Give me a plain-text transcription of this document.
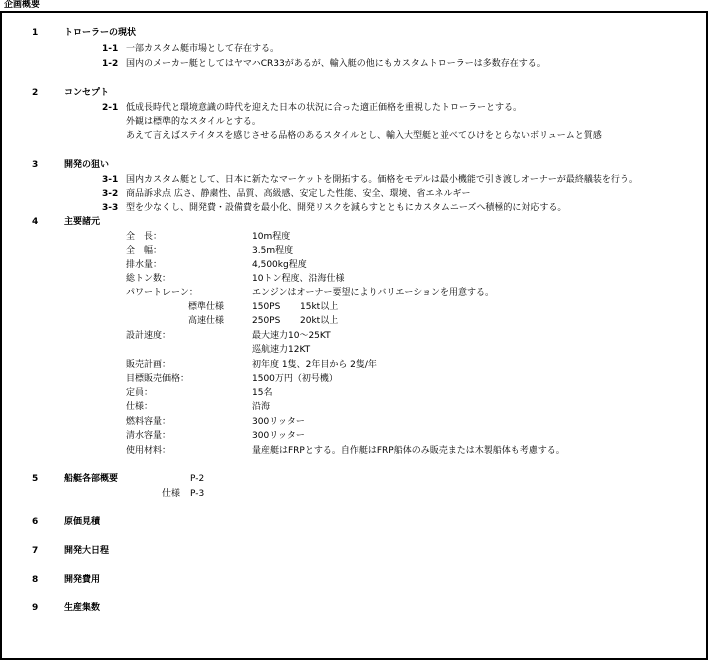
企画概要
1	トローラーの現状
1-1 一部カスタム艇市場として存在する。
1-2 国内のメーカー艇としてはヤマハCR33があるが、輸入艇の他にもカスタムトローラーは多数存在する。
2	コンセプト
2-1 低成長時代と環境意識の時代を迎えた日本の状況に合った適正価格を重視したトローラーとする。
外観は標準的なスタイルとする。
あえて言えばステイタスを感じさせる品格のあるスタイルとし、輸入大型艇と並べてひけをとらないボリュームと質感
3	開発の狙い
3-1 国内カスタム艇として、日本に新たなマーケットを開拓する。価格をモデルは最小機能で引き渡しオーナーが最終艤装を行う。
3-2 商品訴求点 広さ、静粛性、品質、高級感、安定した性能、安全、環境、省エネルギー
3-3 型を少なくし、開発費・設備費を最小化、開発リスクを減らすとともにカスタムニーズへ積極的に対応する。
4	主要諸元
全　長：	10m程度
全　幅：	3.5m程度
排水量：	4,500kg程度
総トン数：	10トン程度、沿海仕様
パワートレーン：	エンジンはオーナー要望によりバリエーションを用意する。
標準仕様	150PS 15kt以上
高速仕様	250PS 20kt以上
設計速度：	最大速力10～25KT
巡航速力12KT
販売計画：	初年度 1隻、2年目から 2隻/年
目標販売価格：	1500万円（初号機）
定員：	15名
仕様：	沿海
燃料容量：	300リッター
清水容量：	300リッター
使用材料：	量産艇はFRPとする。自作艇はFRP船体のみ販売または木製船体も考慮する。
5	船艇各部概要	P-2
仕様 P-3
6	原価見積
7	開発大日程
8	開発費用
9	生産集数
